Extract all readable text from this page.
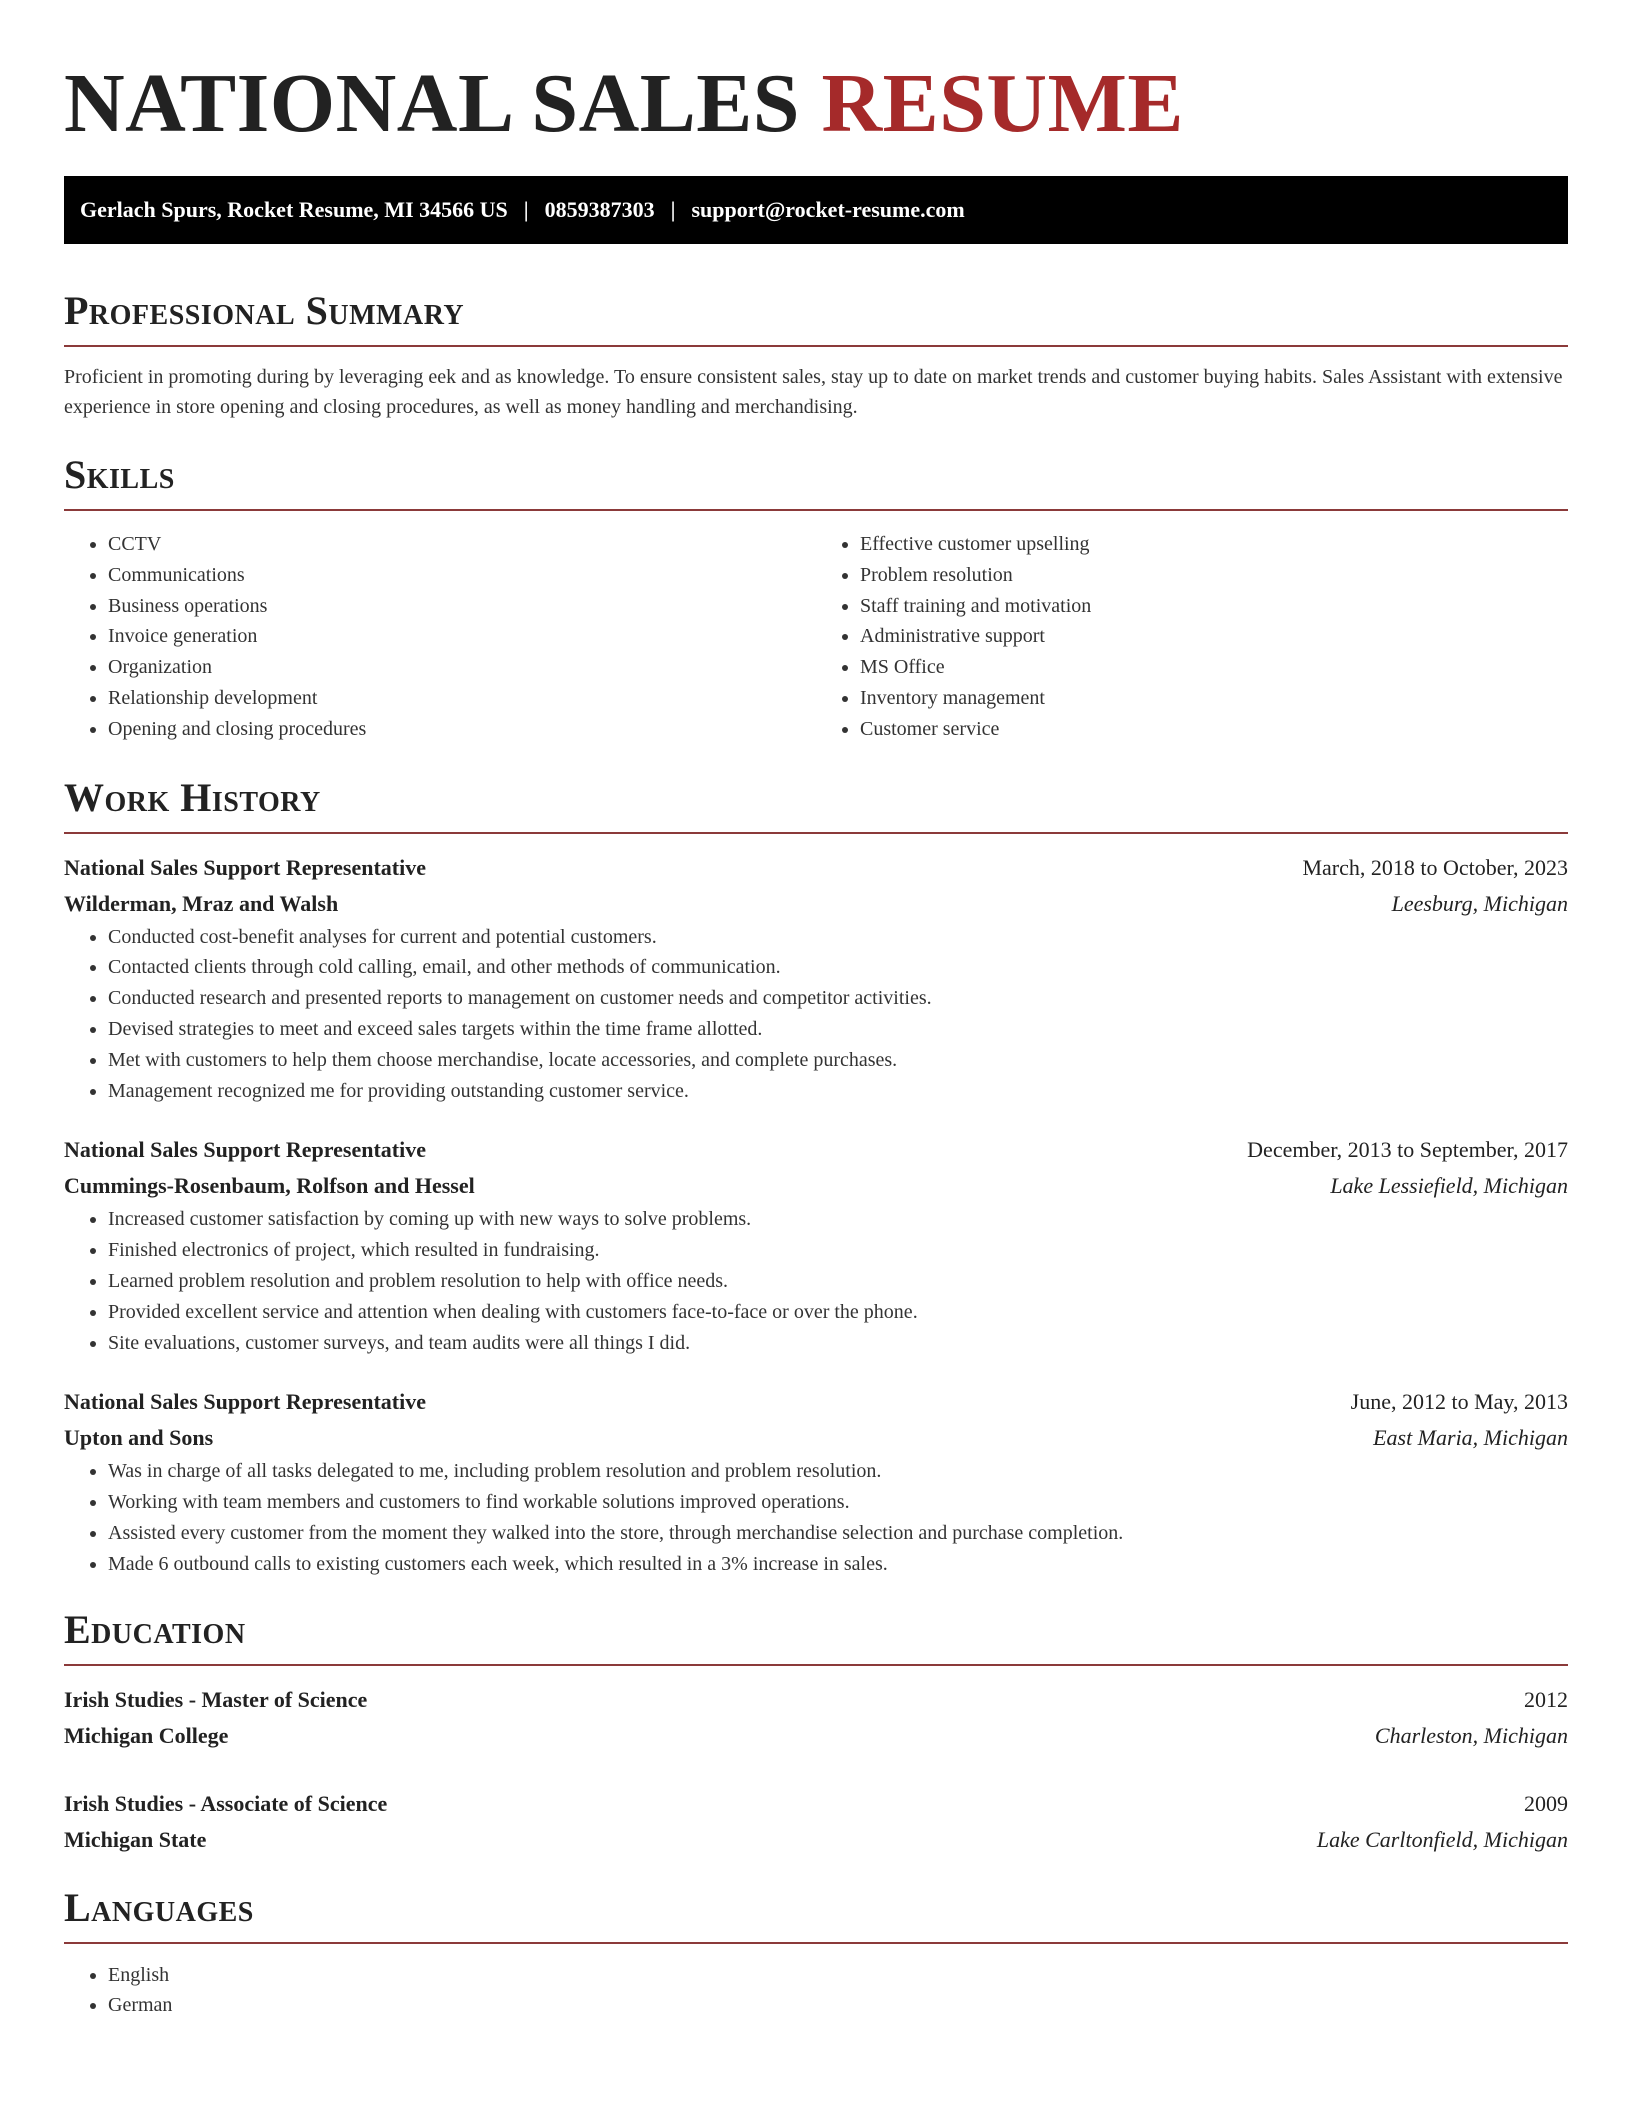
NATIONAL SALES RESUME
Gerlach Spurs, Rocket Resume, MI 34566 US | 0859387303 | support@rocket-resume.com
Professional Summary

Proficient in promoting during by leveraging eek and as knowledge. To ensure consistent sales, stay up to date on market trends and customer buying habits. Sales Assistant with extensive experience in store opening and closing procedures, as well as money handling and merchandising.

Skills
• CCTV
• Communications
• Business operations
• Invoice generation
• Organization
• Relationship development
• Opening and closing procedures
• Effective customer upselling
• Problem resolution
• Staff training and motivation
• Administrative support
• MS Office
• Inventory management
• Customer service
Work History
National Sales Support Representative	March, 2018 to October, 2023
Wilderman, Mraz and Walsh	Leesburg, Michigan
• Conducted cost-benefit analyses for current and potential customers.
• Contacted clients through cold calling, email, and other methods of communication.
• Conducted research and presented reports to management on customer needs and competitor activities.
• Devised strategies to meet and exceed sales targets within the time frame allotted.
• Met with customers to help them choose merchandise, locate accessories, and complete purchases.
• Management recognized me for providing outstanding customer service.
National Sales Support Representative	December, 2013 to September, 2017
Cummings-Rosenbaum, Rolfson and Hessel	Lake Lessiefield, Michigan
• Increased customer satisfaction by coming up with new ways to solve problems.
• Finished electronics of project, which resulted in fundraising.
• Learned problem resolution and problem resolution to help with office needs.
• Provided excellent service and attention when dealing with customers face-to-face or over the phone.
• Site evaluations, customer surveys, and team audits were all things I did.
National Sales Support Representative	June, 2012 to May, 2013
Upton and Sons	East Maria, Michigan
• Was in charge of all tasks delegated to me, including problem resolution and problem resolution.
• Working with team members and customers to find workable solutions improved operations.
• Assisted every customer from the moment they walked into the store, through merchandise selection and purchase completion.
• Made 6 outbound calls to existing customers each week, which resulted in a 3% increase in sales.
Education
Irish Studies - Master of Science	2012
Michigan College	Charleston, Michigan
Irish Studies - Associate of Science	2009
Michigan State	Lake Carltonfield, Michigan
Languages
• English
• German
